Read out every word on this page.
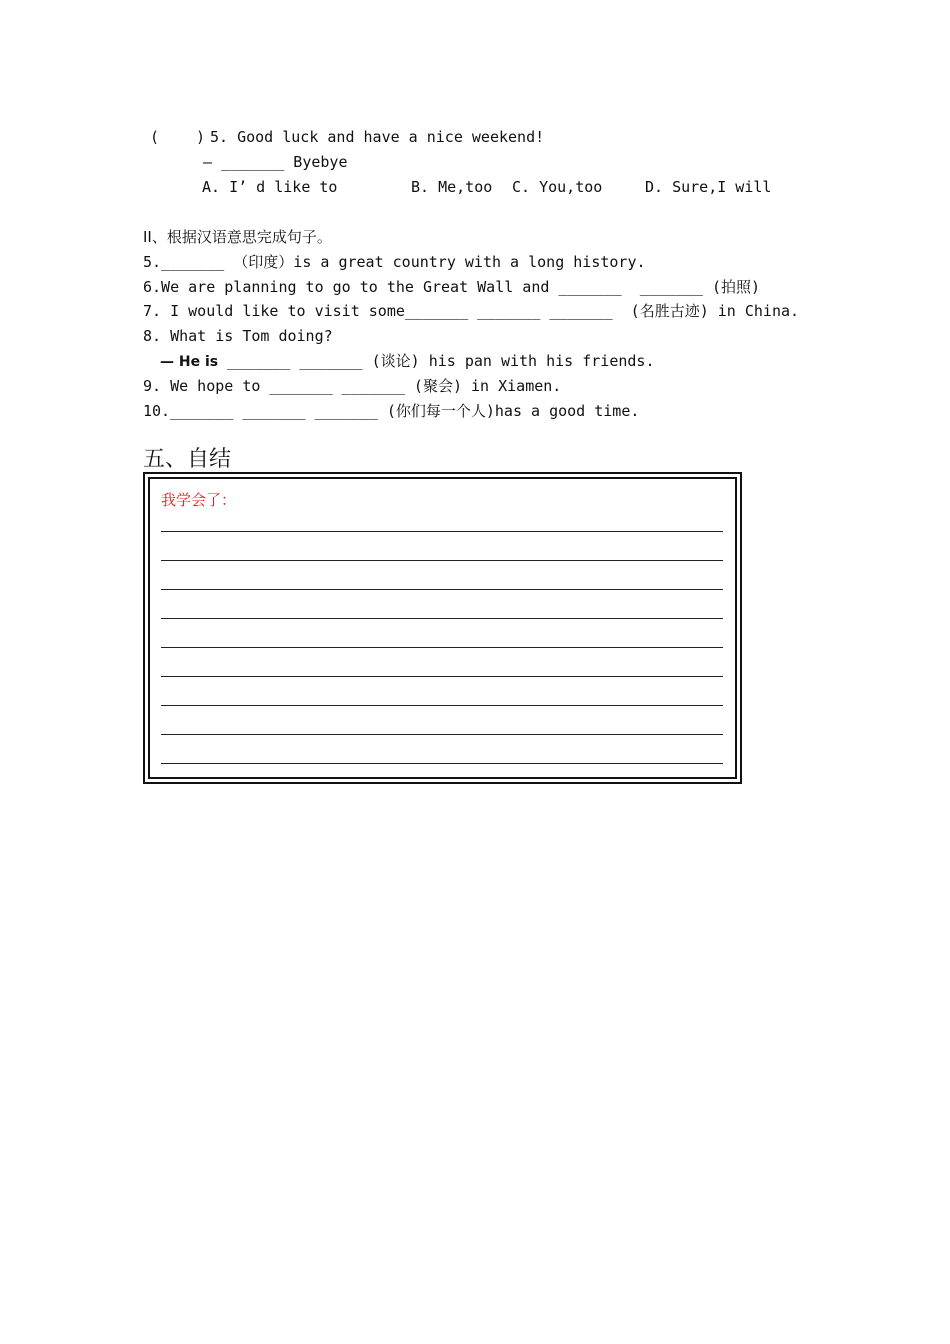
( ) 5. Good luck and have a nice weekend!
— _______ Byebye
A. I’ d like to	B. Me,too C. You,too	D. Sure,I will
II、根据汉语意思完成句子。
5._______ （印度）is a great country with a long history.
6.We are planning to go to the Great Wall and _______  _______ (拍照)
7. I would like to visit some_______ _______ _______  (名胜古迹) in China.
8. What is Tom doing?
— He is _______ _______ (谈论) his pan with his friends.
9. We hope to _______ _______ (聚会) in Xiamen.
10._______ _______ _______ (你们每一个人)has a good time.
五、自结
我学会了：
